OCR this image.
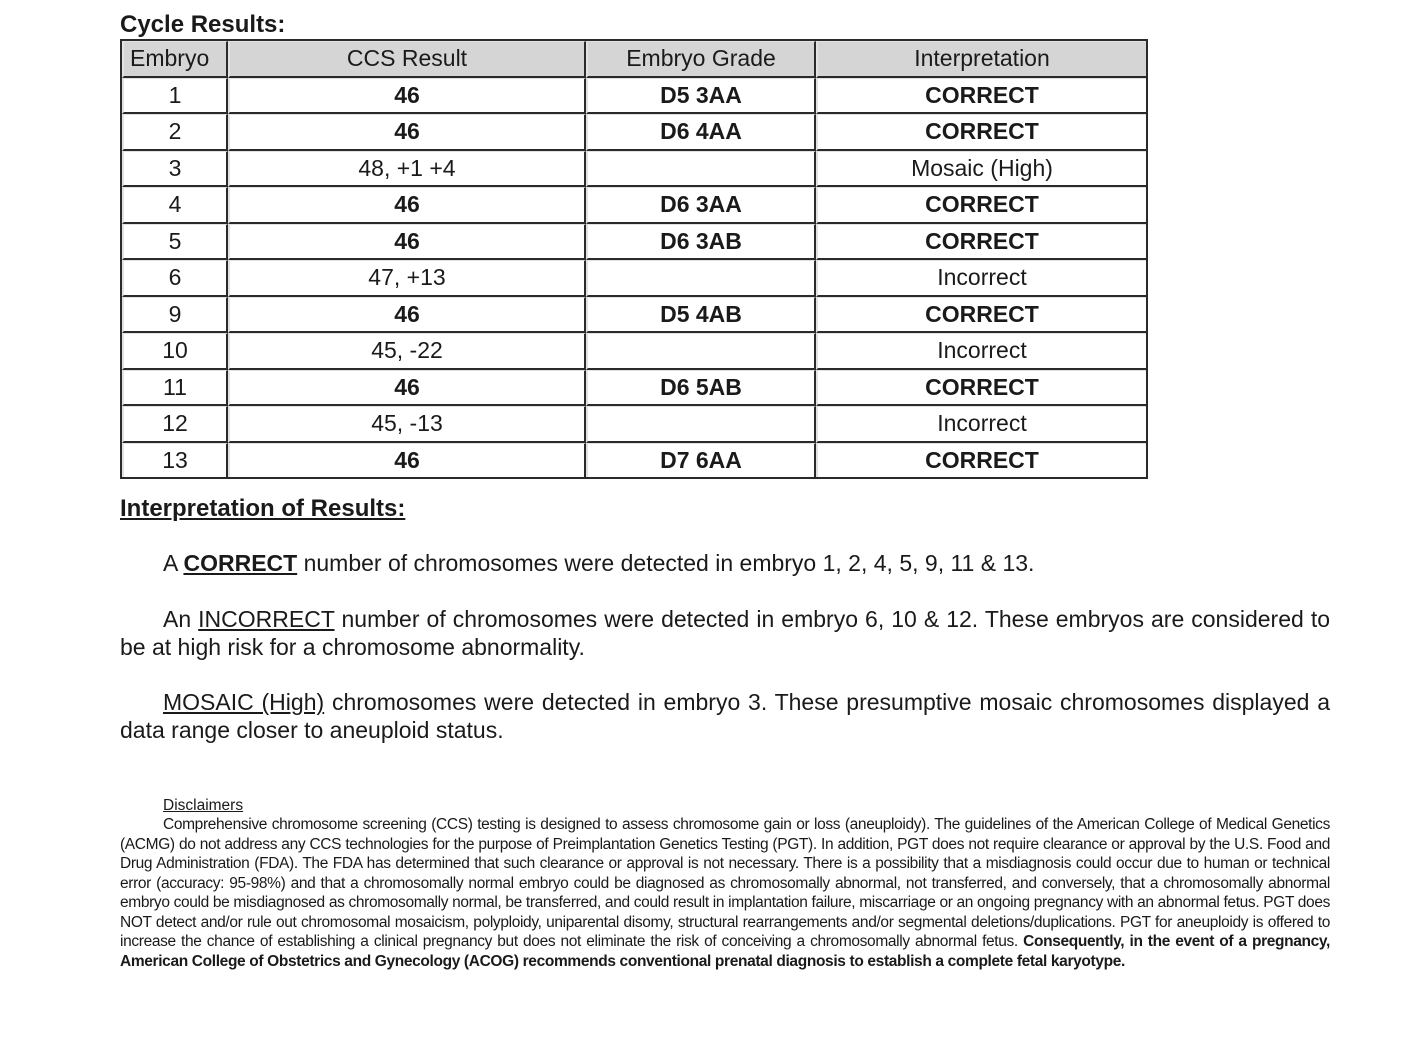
Cycle Results:
Embryo	CCS Result	Embryo Grade	Interpretation
1	46	D5 3AA	CORRECT
2	46	D6 4AA	CORRECT
3	48, +1 +4		Mosaic (High)
4	46	D6 3AA	CORRECT
5	46	D6 3AB	CORRECT
6	47, +13		Incorrect
9	46	D5 4AB	CORRECT
10	45, -22		Incorrect
11	46	D6 5AB	CORRECT
12	45, -13		Incorrect
13	46	D7 6AA	CORRECT
Interpretation of Results:

A CORRECT number of chromosomes were detected in embryo 1, 2, 4, 5, 9, 11 & 13.

An INCORRECT number of chromosomes were detected in embryo 6, 10 & 12. These embryos are considered to be at high risk for a chromosome abnormality.

MOSAIC (High) chromosomes were detected in embryo 3. These presumptive mosaic chromosomes displayed a data range closer to aneuploid status.

Disclaimers

Comprehensive chromosome screening (CCS) testing is designed to assess chromosome gain or loss (aneuploidy). The guidelines of the American College of Medical Genetics (ACMG) do not address any CCS technologies for the purpose of Preimplantation Genetics Testing (PGT). In addition, PGT does not require clearance or approval by the U.S. Food and Drug Administration (FDA). The FDA has determined that such clearance or approval is not necessary. There is a possibility that a misdiagnosis could occur due to human or technical error (accuracy: 95-98%) and that a chromosomally normal embryo could be diagnosed as chromosomally abnormal, not transferred, and conversely, that a chromosomally abnormal embryo could be misdiagnosed as chromosomally normal, be transferred, and could result in implantation failure, miscarriage or an ongoing pregnancy with an abnormal fetus. PGT does NOT detect and/or rule out chromosomal mosaicism, polyploidy, uniparental disomy, structural rearrangements and/or segmental deletions/duplications. PGT for aneuploidy is offered to increase the chance of establishing a clinical pregnancy but does not eliminate the risk of conceiving a chromosomally abnormal fetus. Consequently, in the event of a pregnancy, American College of Obstetrics and Gynecology (ACOG) recommends conventional prenatal diagnosis to establish a complete fetal karyotype.
